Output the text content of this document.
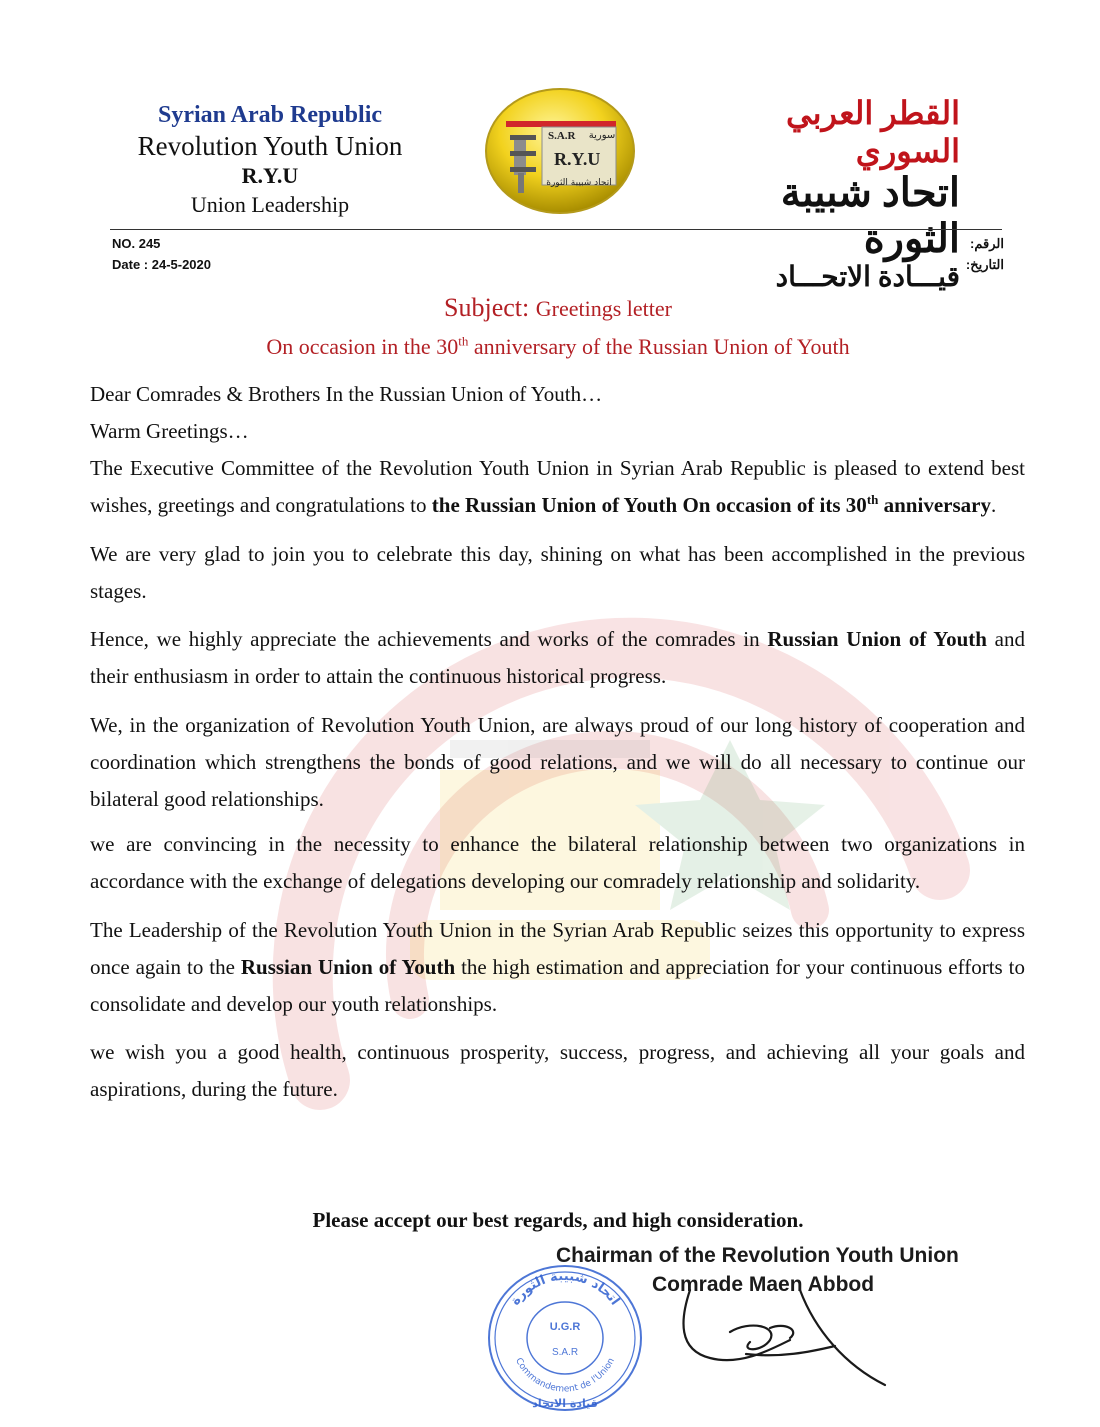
Syrian Arab Republic
Revolution Youth Union
R.Y.U
Union Leadership
S.A.R سورية
R.Y.U
اتحاد شبيبة الثورة
القطر العربي السوري
اتحاد شبيبة الثورة
قيـــادة الاتحـــاد
NO. 245
Date : 24-5-2020
الرقم:
التاريخ:
Subject: Greetings letter
On occasion in the 30th anniversary of the Russian Union of Youth

Dear Comrades & Brothers In the Russian Union of Youth…

Warm Greetings…

The Executive Committee of the Revolution Youth Union in Syrian Arab Republic is pleased to extend best wishes, greetings and congratulations to the Russian Union of Youth On occasion of its 30th anniversary.

We are very glad to join you to celebrate this day, shining on what has been accomplished in the previous stages.

Hence, we highly appreciate the achievements and works of the comrades in Russian Union of Youth and their enthusiasm in order to attain the continuous historical progress.

We, in the organization of Revolution Youth Union, are always proud of our long history of cooperation and coordination which strengthens the bonds of good relations, and we will do all necessary to continue our bilateral good relationships.

we are convincing in the necessity to enhance the bilateral relationship between two organizations in accordance with the exchange of delegations developing our comradely relationship and solidarity.

The Leadership of the Revolution Youth Union in the Syrian Arab Republic seizes this opportunity to express once again to the Russian Union of Youth the high estimation and appreciation for your continuous efforts to consolidate and develop our youth relationships.

we wish you a good health, continuous prosperity, success, progress, and achieving all your goals and aspirations, during the future.

Please accept our best regards, and high consideration.
اتحاد شبيبة الثورة
Commandement de l'Union
U.G.R
S.A.R
قيادة الاتحاد
Chairman of the Revolution Youth Union
Comrade Maen Abbod
